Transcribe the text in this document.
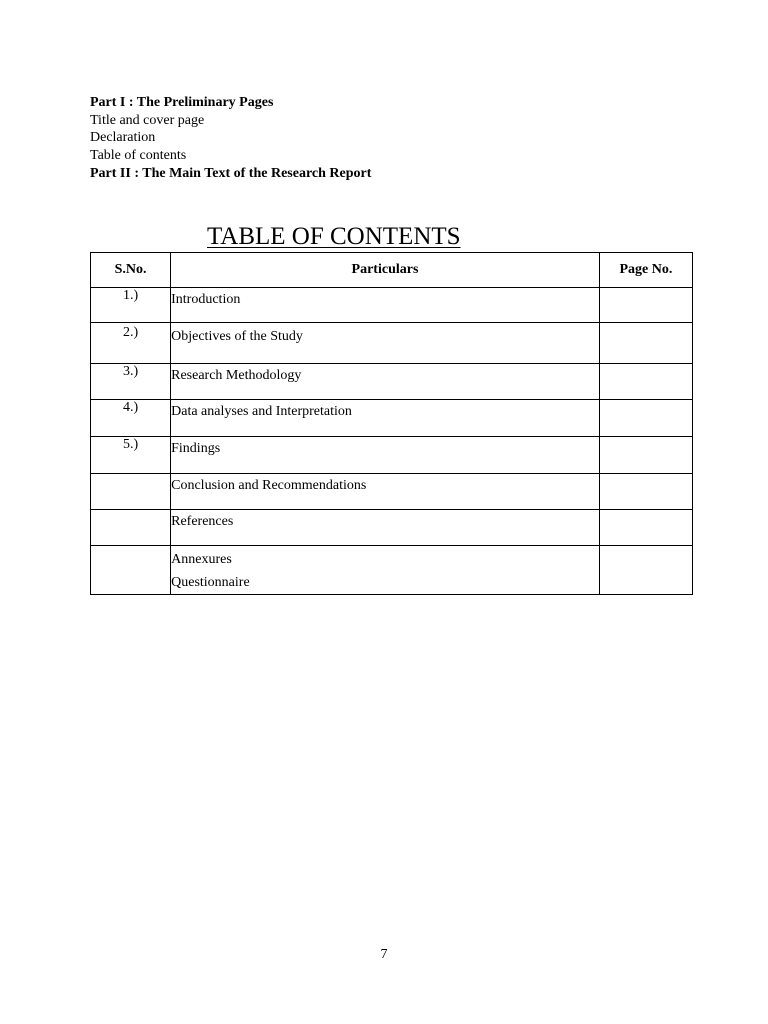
Part I : The Preliminary Pages
Title and cover page
Declaration
Table of contents
Part II : The Main Text of the Research Report
TABLE OF CONTENTS
S.No.	Particulars	Page No.
1.)	Introduction	
2.)	Objectives of the Study	
3.)	Research Methodology	
4.)	Data analyses and Interpretation	
5.)	Findings	
	Conclusion and Recommendations	
	References	

	Annexures
Questionnaire	

7
